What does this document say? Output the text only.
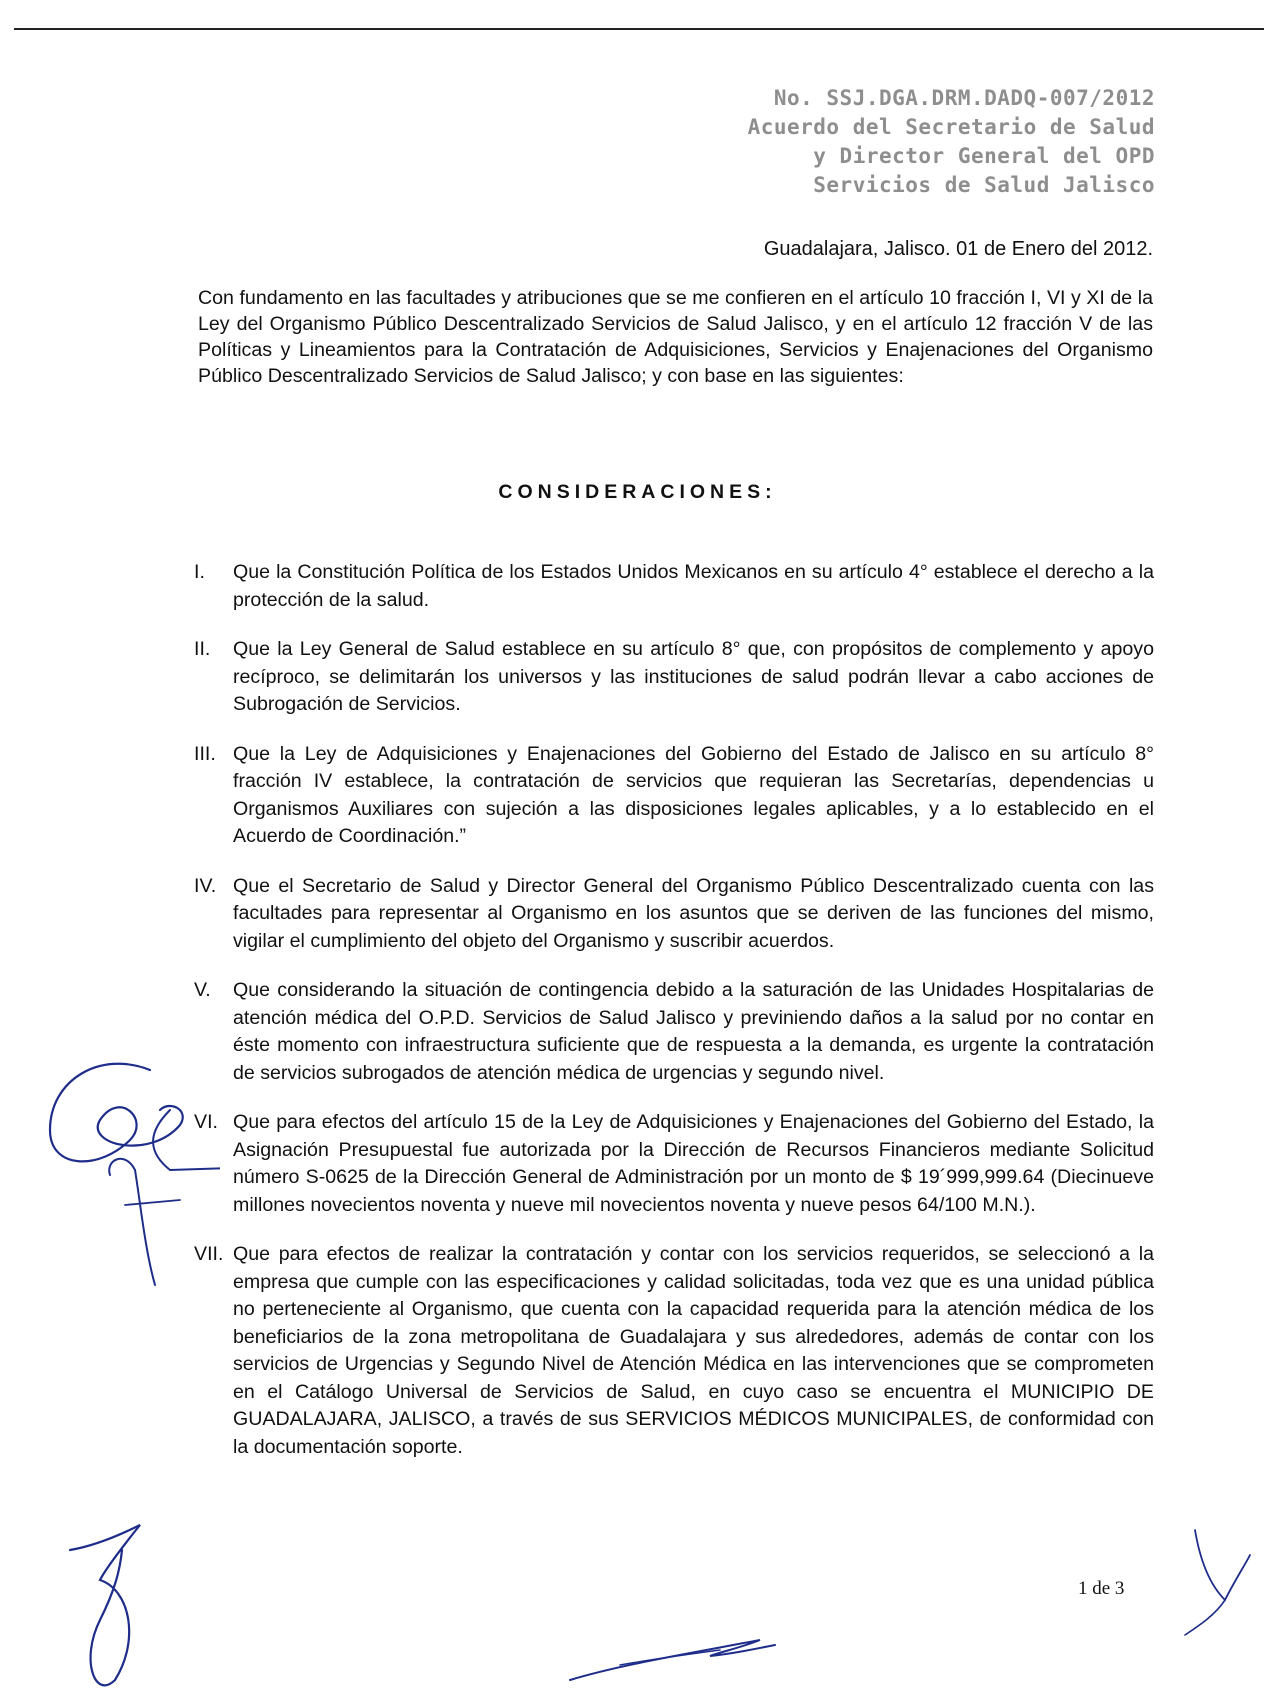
No. SSJ.DGA.DRM.DADQ-007/2012
Acuerdo del Secretario de Salud
y Director General del OPD
Servicios de Salud Jalisco
Guadalajara, Jalisco. 01 de Enero del 2012.
Con fundamento en las facultades y atribuciones que se me confieren en el artículo 10 fracción I, VI y XI de la Ley del Organismo Público Descentralizado Servicios de Salud Jalisco, y en el artículo 12 fracción V de las Políticas y Lineamientos para la Contratación de Adquisiciones, Servicios y Enajenaciones del Organismo Público Descentralizado Servicios de Salud Jalisco; y con base en las siguientes:
CONSIDERACIONES:
I.	Que la Constitución Política de los Estados Unidos Mexicanos en su artículo 4° establece el derecho a la protección de la salud.
II.	Que la Ley General de Salud establece en su artículo 8° que, con propósitos de complemento y apoyo recíproco, se delimitarán los universos y las instituciones de salud podrán llevar a cabo acciones de Subrogación de Servicios.
III. Que la Ley de Adquisiciones y Enajenaciones del Gobierno del Estado de Jalisco en su artículo 8° fracción IV establece, la contratación de servicios que requieran las Secretarías, dependencias u Organismos Auxiliares con sujeción a las disposiciones legales aplicables, y a lo establecido en el Acuerdo de Coordinación.”
IV. Que el Secretario de Salud y Director General del Organismo Público Descentralizado cuenta con las facultades para representar al Organismo en los asuntos que se deriven de las funciones del mismo, vigilar el cumplimiento del objeto del Organismo y suscribir acuerdos.
V.	Que considerando la situación de contingencia debido a la saturación de las Unidades Hospitalarias de atención médica del O.P.D. Servicios de Salud Jalisco y previniendo daños a la salud por no contar en éste momento con infraestructura suficiente que de respuesta a la demanda, es urgente la contratación de servicios subrogados de atención médica de urgencias y segundo nivel.
VI. Que para efectos del artículo 15 de la Ley de Adquisiciones y Enajenaciones del Gobierno del Estado, la Asignación Presupuestal fue autorizada por la Dirección de Recursos Financieros mediante Solicitud número S-0625 de la Dirección General de Administración por un monto de $ 19´999,999.64 (Diecinueve millones novecientos noventa y nueve mil novecientos noventa y nueve pesos 64/100 M.N.).
VII. Que para efectos de realizar la contratación y contar con los servicios requeridos, se seleccionó a la empresa que cumple con las especificaciones y calidad solicitadas, toda vez que es una unidad pública no perteneciente al Organismo, que cuenta con la capacidad requerida para la atención médica de los beneficiarios de la zona metropolitana de Guadalajara y sus alrededores, además de contar con los servicios de Urgencias y Segundo Nivel de Atención Médica en las intervenciones que se comprometen en el Catálogo Universal de Servicios de Salud, en cuyo caso se encuentra el MUNICIPIO DE GUADALAJARA, JALISCO, a través de sus SERVICIOS MÉDICOS MUNICIPALES, de conformidad con la documentación soporte.
1 de 3
